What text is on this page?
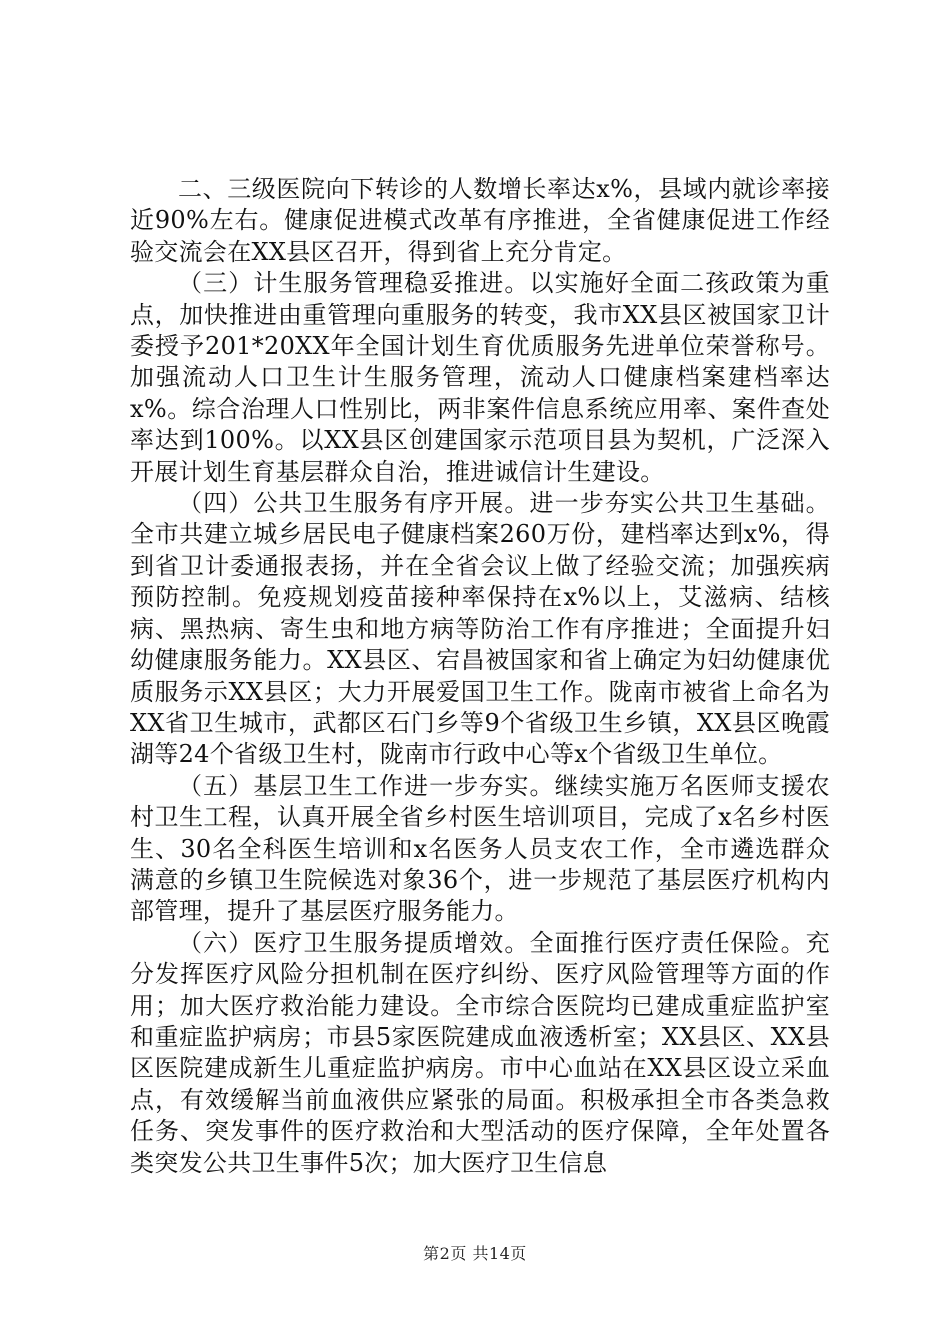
二、三级医院向下转诊的人数增长率达x%，县域内就诊率接近90%左右。健康促进模式改革有序推进，全省健康促进工作经验交流会在XX县区召开，得到省上充分肯定。

（三）计生服务管理稳妥推进。以实施好全面二孩政策为重点，加快推进由重管理向重服务的转变，我市XX县区被国家卫计委授予201*20XX年全国计划生育优质服务先进单位荣誉称号。加强流动人口卫生计生服务管理，流动人口健康档案建档率达x%。综合治理人口性别比，两非案件信息系统应用率、案件查处率达到100%。以XX县区创建国家示范项目县为契机，广泛深入开展计划生育基层群众自治，推进诚信计生建设。

（四）公共卫生服务有序开展。进一步夯实公共卫生基础。全市共建立城乡居民电子健康档案260万份，建档率达到x%，得到省卫计委通报表扬，并在全省会议上做了经验交流；加强疾病预防控制。免疫规划疫苗接种率保持在x%以上，艾滋病、结核病、黑热病、寄生虫和地方病等防治工作有序推进；全面提升妇幼健康服务能力。XX县区、宕昌被国家和省上确定为妇幼健康优质服务示XX县区；大力开展爱国卫生工作。陇南市被省上命名为XX省卫生城市，武都区石门乡等9个省级卫生乡镇，XX县区晚霞湖等24个省级卫生村，陇南市行政中心等x个省级卫生单位。

（五）基层卫生工作进一步夯实。继续实施万名医师支援农村卫生工程，认真开展全省乡村医生培训项目，完成了x名乡村医生、30名全科医生培训和x名医务人员支农工作，全市遴选群众满意的乡镇卫生院候选对象36个，进一步规范了基层医疗机构内部管理，提升了基层医疗服务能力。

（六）医疗卫生服务提质增效。全面推行医疗责任保险。充分发挥医疗风险分担机制在医疗纠纷、医疗风险管理等方面的作用；加大医疗救治能力建设。全市综合医院均已建成重症监护室和重症监护病房；市县5家医院建成血液透析室；XX县区、XX县区医院建成新生儿重症监护病房。市中心血站在XX县区设立采血点，有效缓解当前血液供应紧张的局面。积极承担全市各类急救任务、突发事件的医疗救治和大型活动的医疗保障，全年处置各类突发公共卫生事件5次；加大医疗卫生信息

第2页 共14页
